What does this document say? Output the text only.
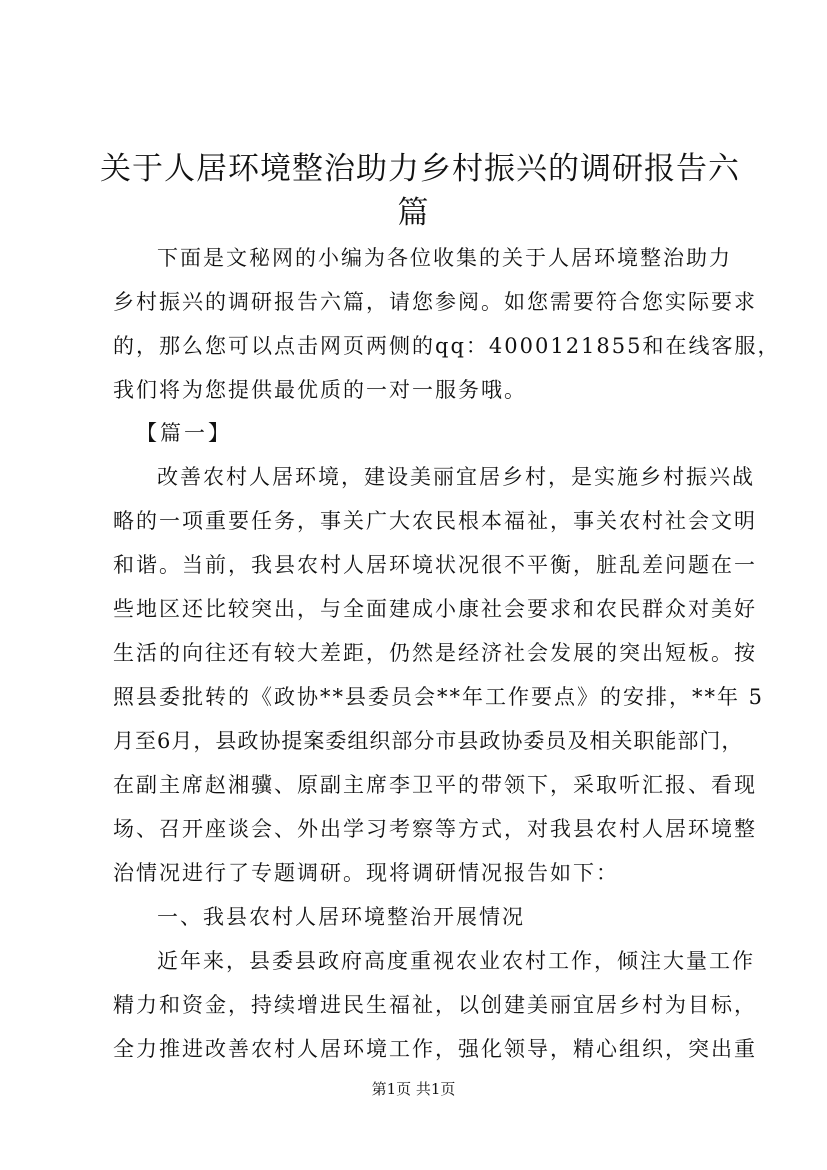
关于人居环境整治助力乡村振兴的调研报告六
篇
下面是文秘网的小编为各位收集的关于人居环境整治助力
乡村振兴的调研报告六篇，请您参阅。如您需要符合您实际要求
的，那么您可以点击网页两侧的qq：4000121855和在线客服，
我们将为您提供最优质的一对一服务哦。
【篇一】
改善农村人居环境，建设美丽宜居乡村，是实施乡村振兴战
略的一项重要任务，事关广大农民根本福祉，事关农村社会文明
和谐。当前，我县农村人居环境状况很不平衡，脏乱差问题在一
些地区还比较突出，与全面建成小康社会要求和农民群众对美好
生活的向往还有较大差距，仍然是经济社会发展的突出短板。按
照县委批转的《政协**县委员会**年工作要点》的安排，**年 5
月至6月，县政协提案委组织部分市县政协委员及相关职能部门，
在副主席赵湘骥、原副主席李卫平的带领下，采取听汇报、看现
场、召开座谈会、外出学习考察等方式，对我县农村人居环境整
治情况进行了专题调研。现将调研情况报告如下：
一、我县农村人居环境整治开展情况
近年来，县委县政府高度重视农业农村工作，倾注大量工作
精力和资金，持续增进民生福祉，以创建美丽宜居乡村为目标，
全力推进改善农村人居环境工作，强化领导，精心组织，突出重
第1页 共1页
